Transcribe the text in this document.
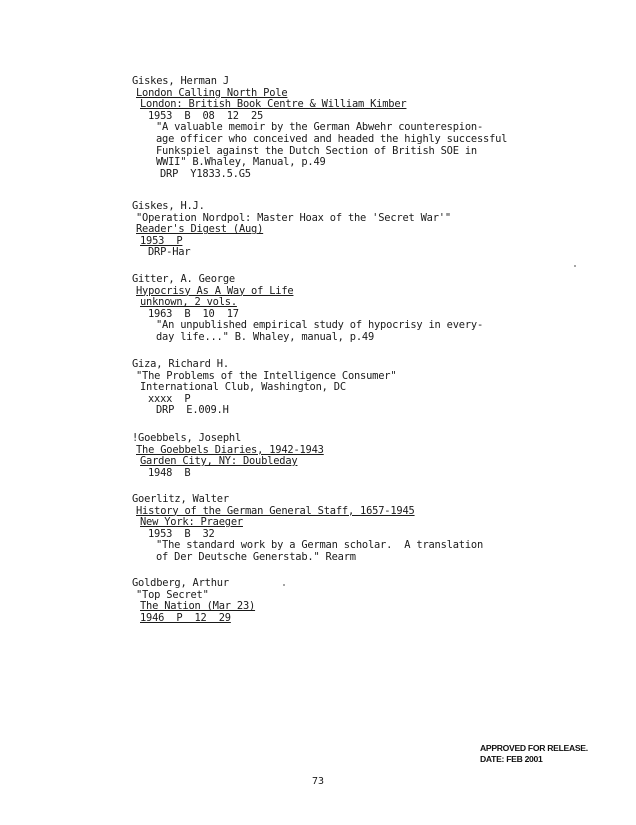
Giskes, Herman J
London Calling North Pole
London: British Book Centre & William Kimber
1953  B  08  12  25
"A valuable memoir by the German Abwehr counterespion-
age officer who conceived and headed the highly successful
Funkspiel against the Dutch Section of British SOE in
WWII" B.Whaley, Manual, p.49
DRP  Y1833.5.G5
Giskes, H.J.
"Operation Nordpol: Master Hoax of the 'Secret War'"
Reader's Digest (Aug)
1953  P
DRP-Har
Gitter, A. George
Hypocrisy As A Way of Life
unknown, 2 vols.
1963  B  10  17
"An unpublished empirical study of hypocrisy in every-
day life..." B. Whaley, manual, p.49
Giza, Richard H.
"The Problems of the Intelligence Consumer"
International Club, Washington, DC
xxxx  P
DRP  E.009.H
!Goebbels, Josephl
The Goebbels Diaries, 1942-1943
Garden City, NY: Doubleday
1948  B
Goerlitz, Walter
History of the German General Staff, 1657-1945
New York: Praeger
1953  B  32
"The standard work by a German scholar.  A translation
of Der Deutsche Generstab." Rearm
Goldberg, Arthur
"Top Secret"
The Nation (Mar 23)
1946  P  12  29
APPROVED FOR RELEASE.
DATE: FEB 2001
73
